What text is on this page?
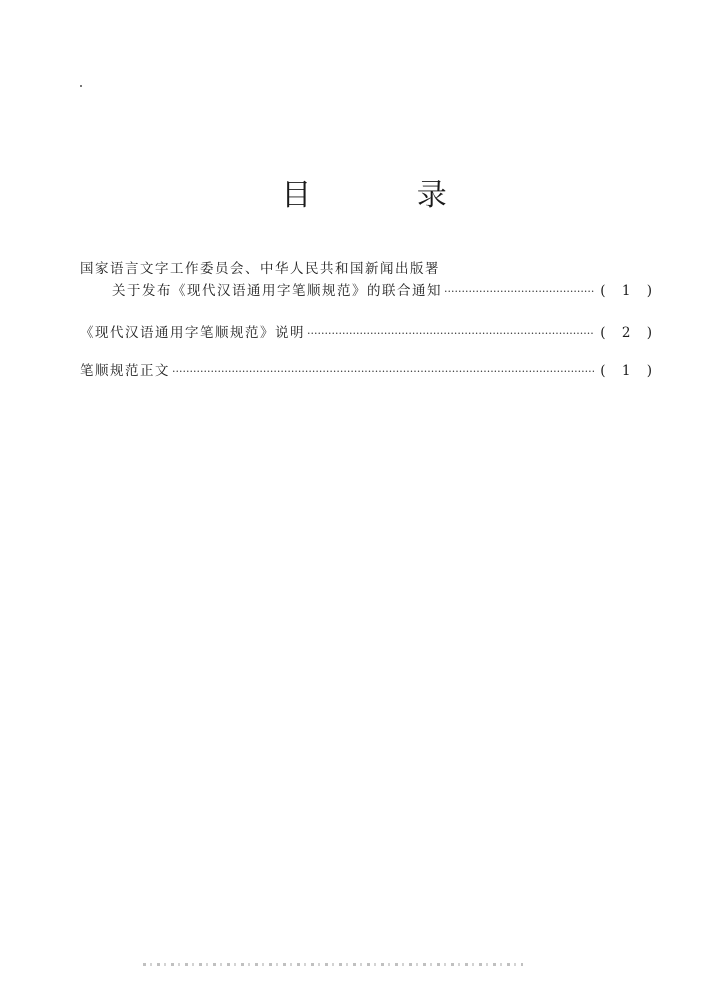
目 录
国家语言文字工作委员会、中华人民共和国新闻出版署
关于发布《现代汉语通用字笔顺规范》的联合通知 ·····	( 1 )
《现代汉语通用字笔顺规范》说明 ·····	( 2 )
笔顺规范正文 ·····	( 1 )
